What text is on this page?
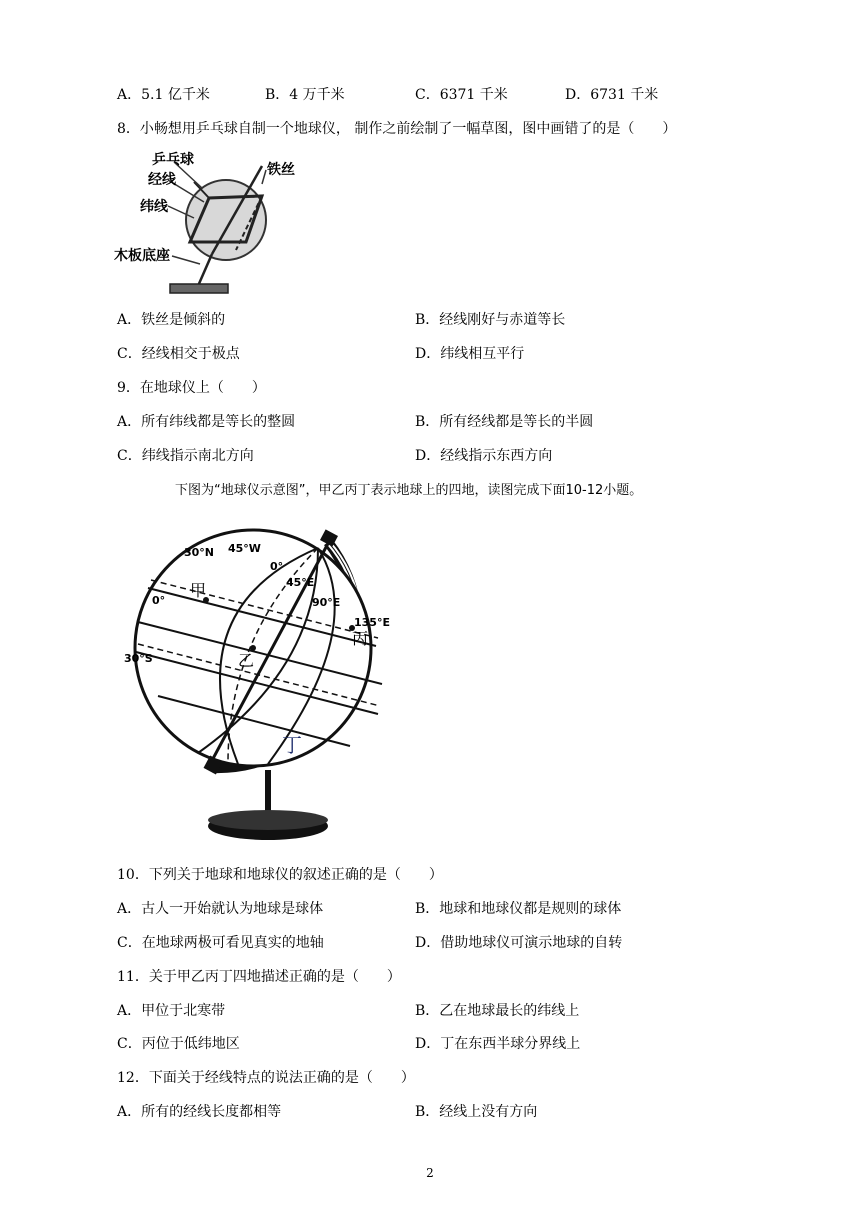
A．5.1 亿千米	B．4 万千米	C．6371 千米	D．6731 千米
8．小畅想用乒乓球自制一个地球仪， 制作之前绘制了一幅草图，图中画错了的是（　　）
乒乓球
经线
铁丝
纬线
木板底座
A．铁丝是倾斜的	B．经线刚好与赤道等长
C．经线相交于极点	D．纬线相互平行
9．在地球仪上（　　）
A．所有纬线都是等长的整圆	B．所有经线都是等长的半圆
C．纬线指示南北方向	D．经线指示东西方向
下图为“地球仪示意图”，甲乙丙丁表示地球上的四地，读图完成下面10-12小题。
30°N 45°W
0°
45°E
90°E
135°E
0°
30°S
甲
乙
丙
丁
10．下列关于地球和地球仪的叙述正确的是（　　）
A．古人一开始就认为地球是球体	B．地球和地球仪都是规则的球体
C．在地球两极可看见真实的地轴	D．借助地球仪可演示地球的自转
11．关于甲乙丙丁四地描述正确的是（　　）
A．甲位于北寒带	B．乙在地球最长的纬线上
C．丙位于低纬地区	D．丁在东西半球分界线上
12．下面关于经线特点的说法正确的是（　　）
A．所有的经线长度都相等	B．经线上没有方向
2
